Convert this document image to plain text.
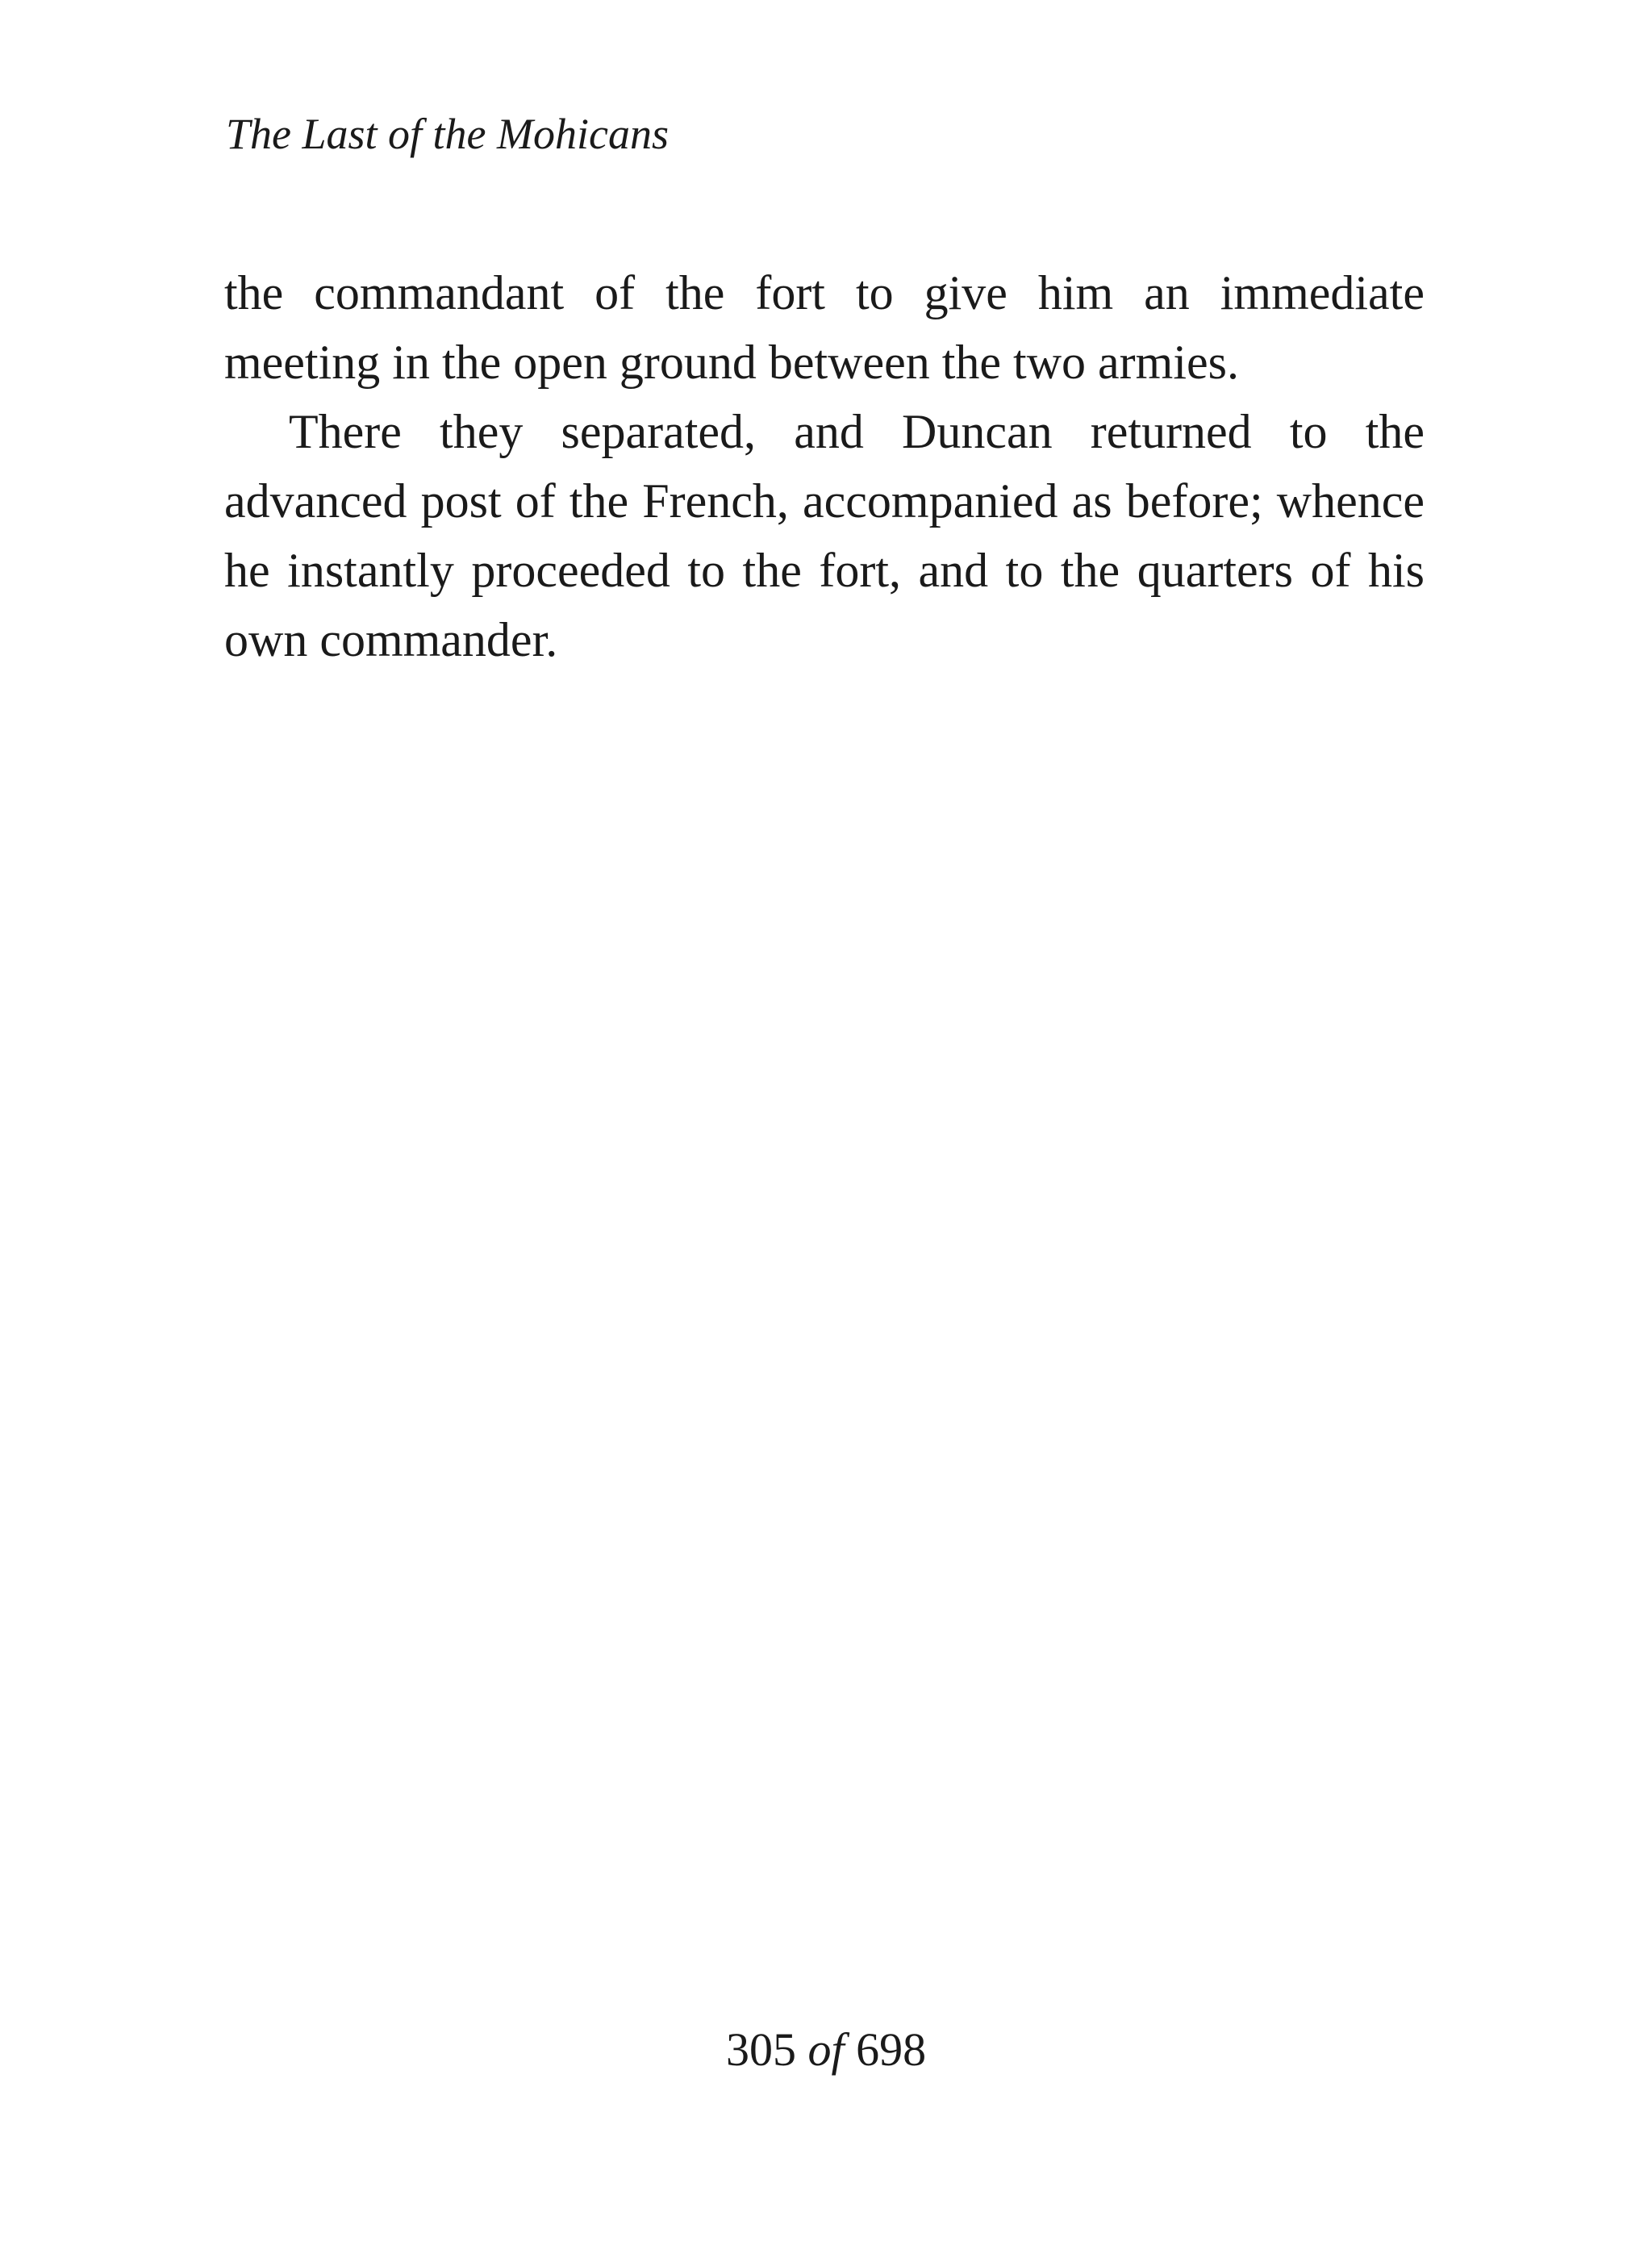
The Last of the Mohicans

the commandant of the fort to give him an immediate meeting in the open ground between the two armies.

There they separated, and Duncan returned to the advanced post of the French, accompanied as before; whence he instantly proceeded to the fort, and to the quarters of his own commander.

305 of 698
